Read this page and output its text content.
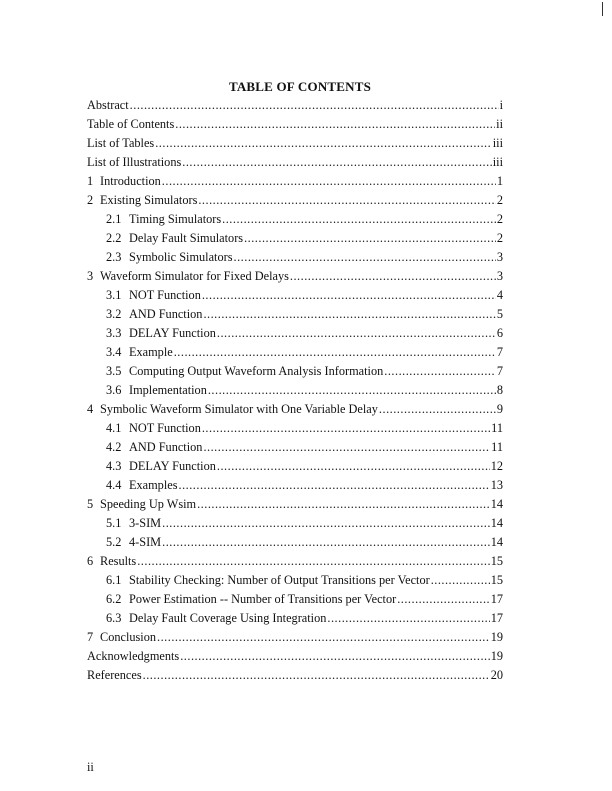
TABLE OF CONTENTS
Abstract .....	i
Table of Contents .....	ii
List of Tables .....	iii
List of Illustrations .....	iii
1 Introduction .....	1
2 Existing Simulators .....	2
2.1 Timing Simulators .....	2
2.2 Delay Fault Simulators .....	2
2.3 Symbolic Simulators .....	3
3 Waveform Simulator for Fixed Delays .....	3
3.1 NOT Function .....	4
3.2 AND Function .....	5
3.3 DELAY Function .....	6
3.4 Example .....	7
3.5 Computing Output Waveform Analysis Information .....	7
3.6 Implementation .....	8
4 Symbolic Waveform Simulator with One Variable Delay .....	9
4.1 NOT Function .....	11
4.2 AND Function .....	11
4.3 DELAY Function .....	12
4.4 Examples .....	13
5 Speeding Up Wsim .....	14
5.1 3-SIM .....	14
5.2 4-SIM .....	14
6 Results .....	15
6.1 Stability Checking: Number of Output Transitions per Vector .....	15
6.2 Power Estimation -- Number of Transitions per Vector .....	17
6.3 Delay Fault Coverage Using Integration .....	17
7 Conclusion .....	19
Acknowledgments .....	19
References .....	20
ii
